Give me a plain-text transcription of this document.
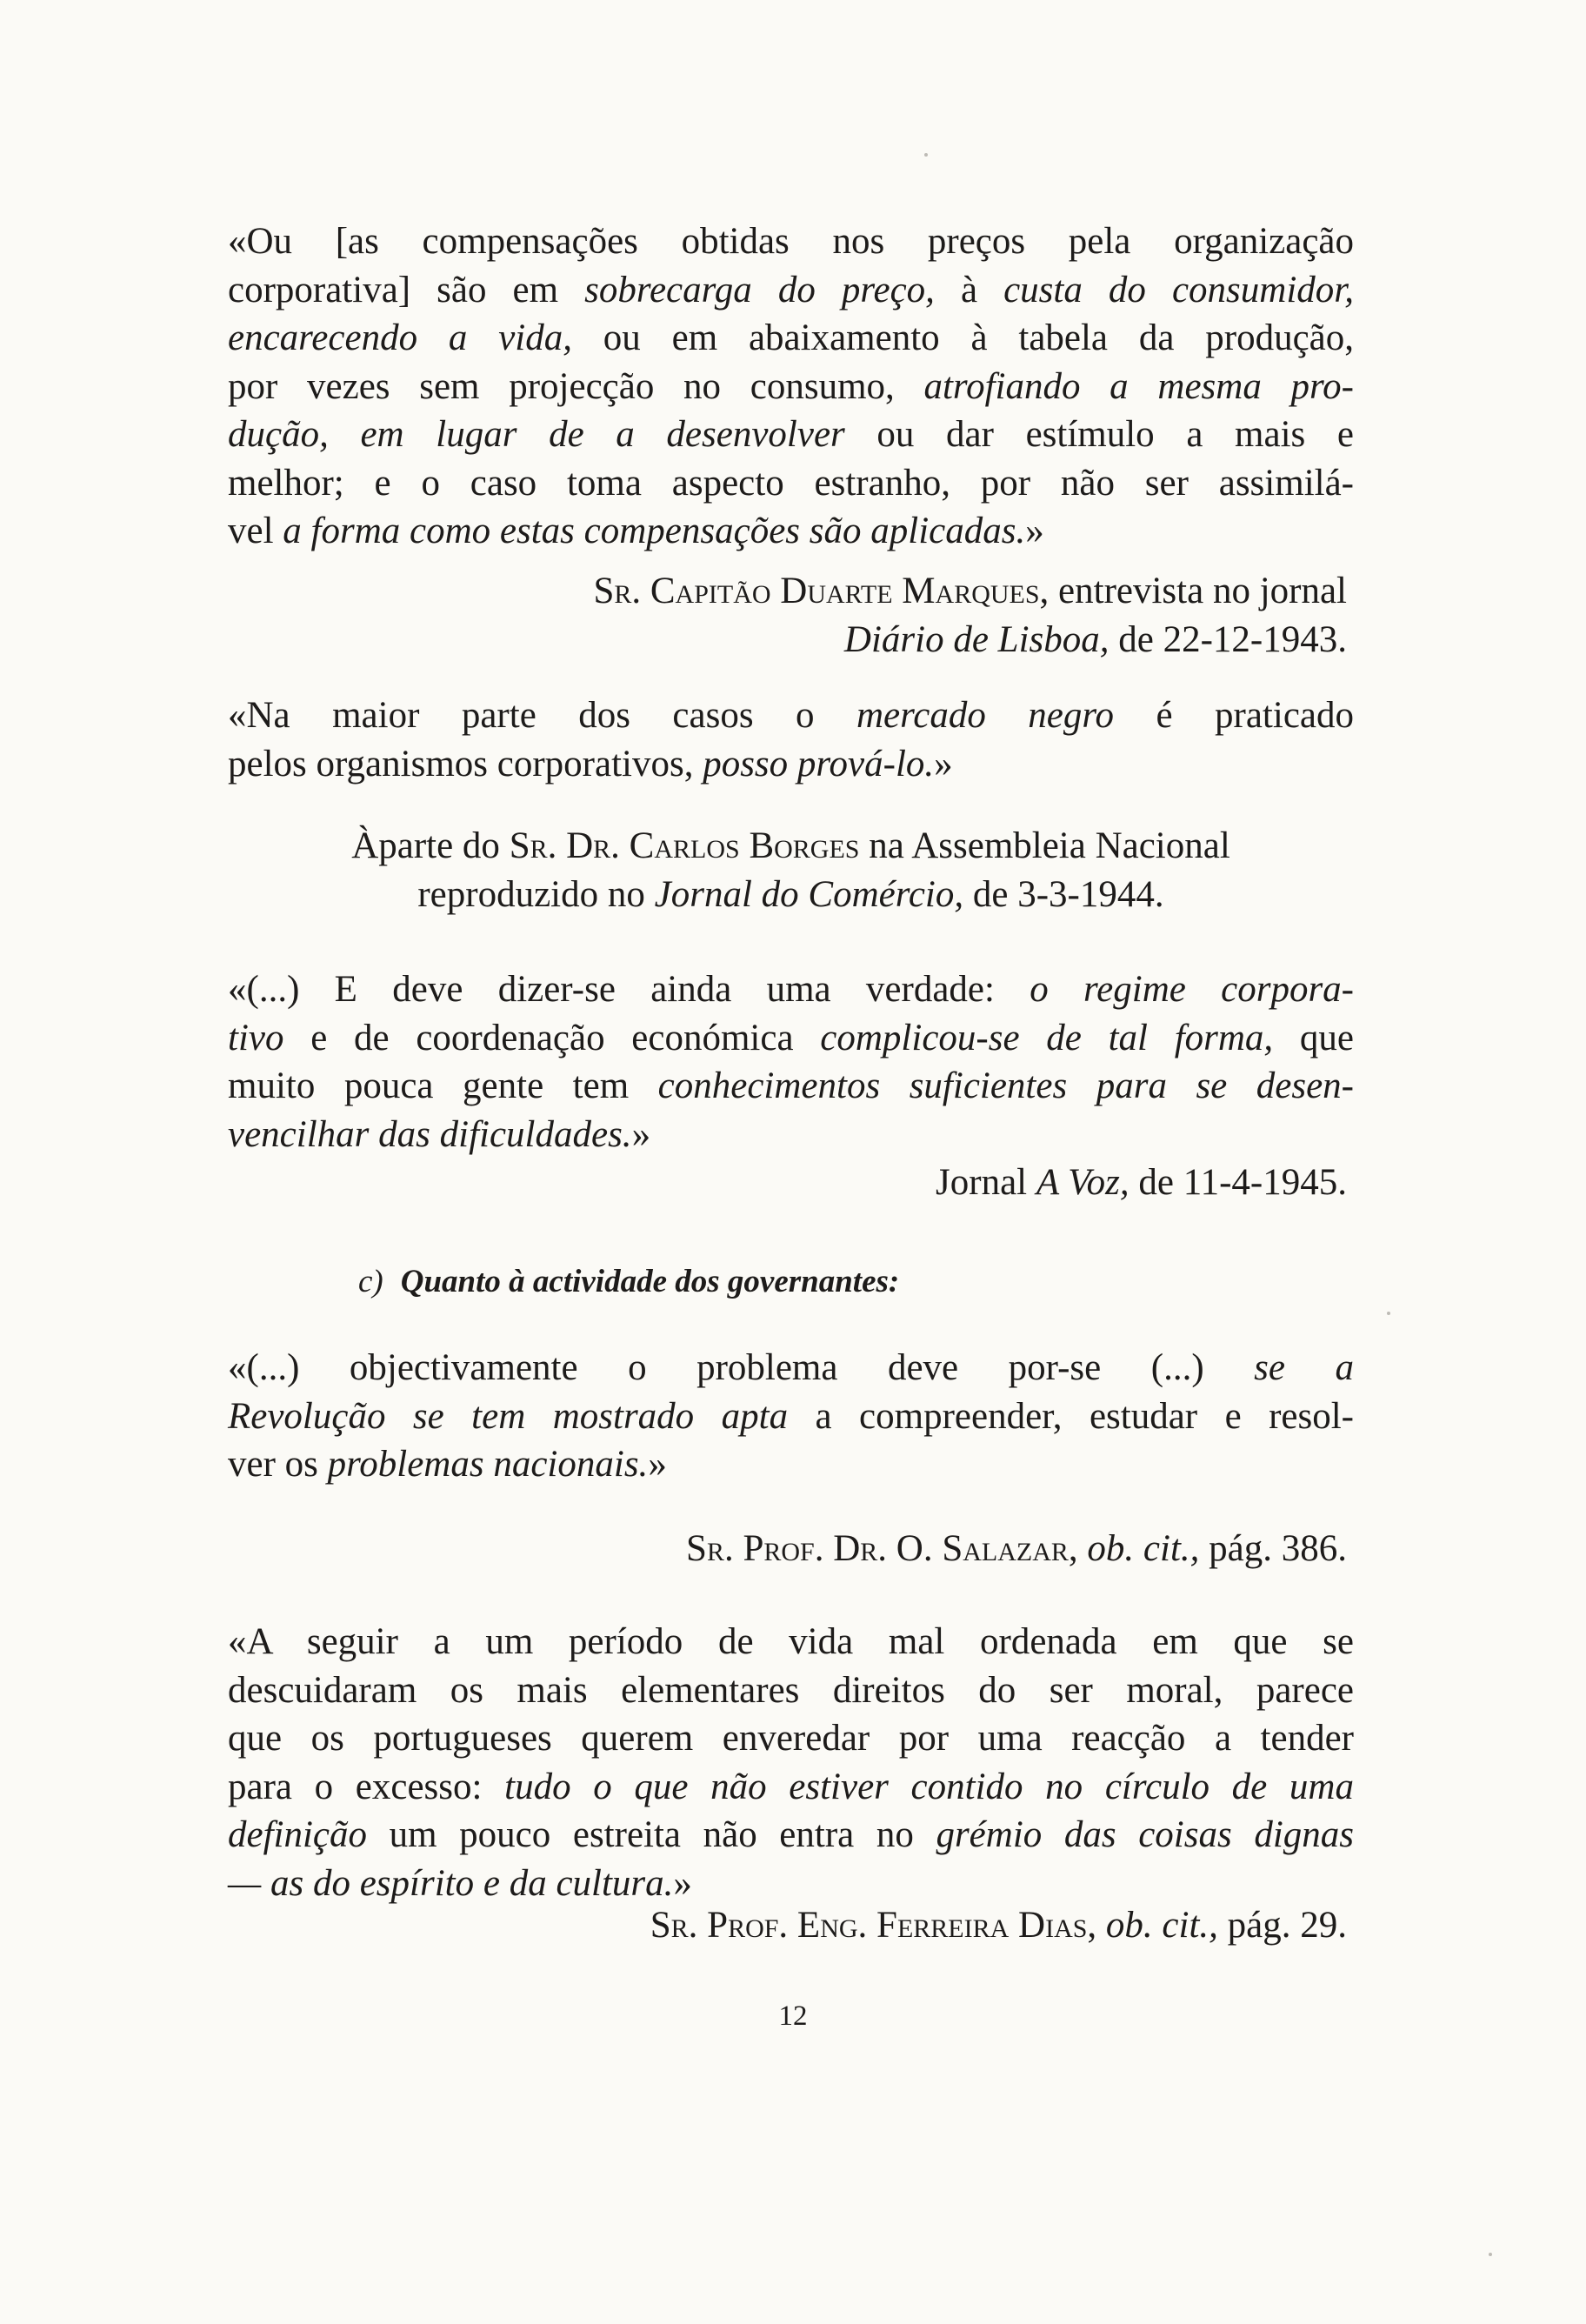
«Ou [as compensações obtidas nos preços pela organização
corporativa] são em sobrecarga do preço, à custa do consumidor,
encarecendo a vida, ou em abaixamento à tabela da produção,
por vezes sem projecção no consumo, atrofiando a mesma pro-
dução, em lugar de a desenvolver ou dar estímulo a mais e
melhor; e o caso toma aspecto estranho, por não ser assimilá-
vel a forma como estas compensações são aplicadas.»
Sr. Capitão Duarte Marques, entrevista no jornal
Diário de Lisboa, de 22-12-1943.
«Na maior parte dos casos o mercado negro é praticado
pelos organismos corporativos, posso prová-lo.»
Àparte do Sr. Dr. Carlos Borges na Assembleia Nacional
reproduzido no Jornal do Comércio, de 3-3-1944.
«(...) E deve dizer-se ainda uma verdade: o regime corpora-
tivo e de coordenação económica complicou-se de tal forma, que
muito pouca gente tem conhecimentos suficientes para se desen-
vencilhar das dificuldades.»
Jornal A Voz, de 11-4-1945.
c) Quanto à actividade dos governantes:
«(...) objectivamente o problema deve por-se (...) se a
Revolução se tem mostrado apta a compreender, estudar e resol-
ver os problemas nacionais.»
Sr. Prof. Dr. O. Salazar, ob. cit., pág. 386.
«A seguir a um período de vida mal ordenada em que se
descuidaram os mais elementares direitos do ser moral, parece
que os portugueses querem enveredar por uma reacção a tender
para o excesso: tudo o que não estiver contido no círculo de uma
definição um pouco estreita não entra no grémio das coisas dignas
— as do espírito e da cultura.»
Sr. Prof. Eng. Ferreira Dias, ob. cit., pág. 29.
12
